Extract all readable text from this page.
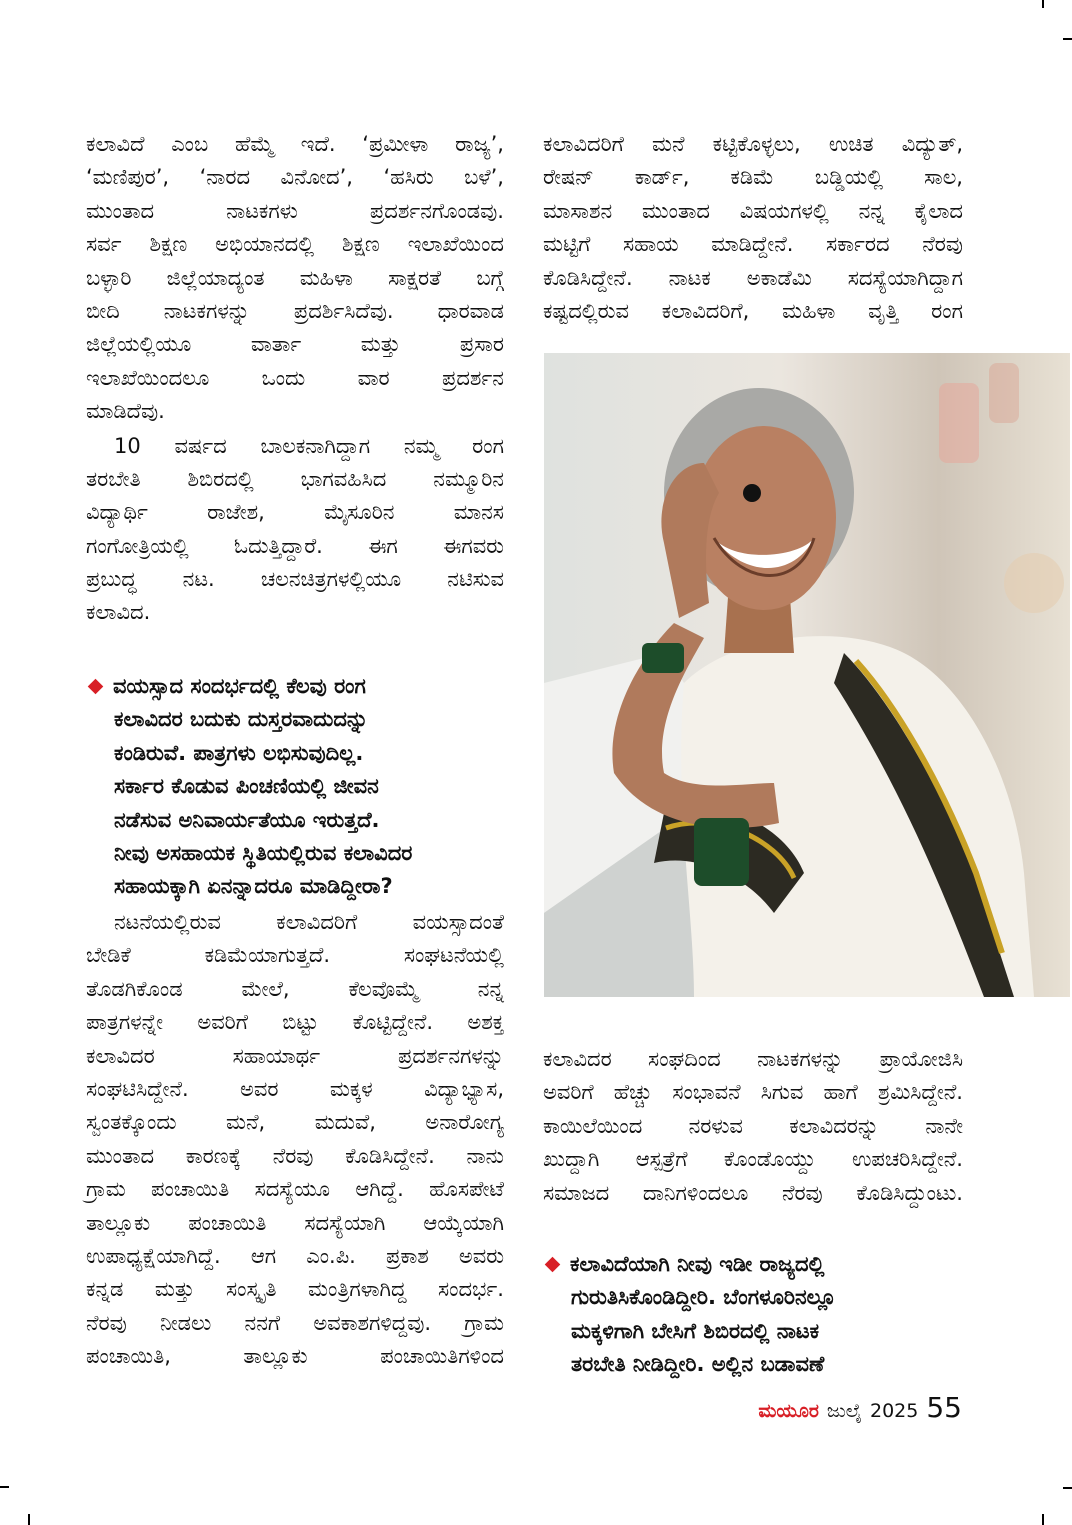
ಕಲಾವಿದೆ ಎಂಬ ಹೆಮ್ಮೆ ಇದೆ. ‘ಪ್ರಮೀಳಾ ರಾಜ್ಯ’,
‘ಮಣಿಪುರ’, ‘ನಾರದ ವಿನೋದ’, ‘ಹಸಿರು ಬಳೆ’,
ಮುಂತಾದ	ನಾಟಕಗಳು	ಪ್ರದರ್ಶನಗೊಂಡವು.
ಸರ್ವ ಶಿಕ್ಷಣ ಅಭಿಯಾನದಲ್ಲಿ ಶಿಕ್ಷಣ ಇಲಾಖೆಯಿಂದ
ಬಳ್ಳಾರಿ ಜಿಲ್ಲೆಯಾದ್ಯಂತ ಮಹಿಳಾ ಸಾಕ್ಷರತೆ ಬಗ್ಗೆ
ಬೀದಿ ನಾಟಕಗಳನ್ನು ಪ್ರದರ್ಶಿಸಿದೆವು. ಧಾರವಾಡ
ಜಿಲ್ಲೆಯಲ್ಲಿಯೂ	ವಾರ್ತಾ	ಮತ್ತು	ಪ್ರಸಾರ
ಇಲಾಖೆಯಿಂದಲೂ ಒಂದು ವಾರ ಪ್ರದರ್ಶನ
ಮಾಡಿದೆವು.
10 ವರ್ಷದ ಬಾಲಕನಾಗಿದ್ದಾಗ ನಮ್ಮ ರಂಗ
ತರಬೇತಿ ಶಿಬಿರದಲ್ಲಿ ಭಾಗವಹಿಸಿದ ನಮ್ಮೂರಿನ
ವಿದ್ಯಾರ್ಥಿ	ರಾಜೇಶ,	ಮೈಸೂರಿನ	ಮಾನಸ
ಗಂಗೋತ್ರಿಯಲ್ಲಿ ಓದುತ್ತಿದ್ದಾರೆ. ಈಗ ಈಗವರು
ಪ್ರಬುದ್ಧ ನಟ. ಚಲನಚಿತ್ರಗಳಲ್ಲಿಯೂ ನಟಿಸುವ
ಕಲಾವಿದ.
ವಯಸ್ಸಾದ ಸಂದರ್ಭದಲ್ಲಿ ಕೆಲವು ರಂಗ
ಕಲಾವಿದರ ಬದುಕು ದುಸ್ತರವಾದುದನ್ನು
ಕಂಡಿರುವೆ. ಪಾತ್ರಗಳು ಲಭಿಸುವುದಿಲ್ಲ.
ಸರ್ಕಾರ ಕೊಡುವ ಪಿಂಚಣಿಯಲ್ಲಿ ಜೀವನ
ನಡೆಸುವ ಅನಿವಾರ್ಯತೆಯೂ ಇರುತ್ತದೆ.
ನೀವು ಅಸಹಾಯಕ ಸ್ಥಿತಿಯಲ್ಲಿರುವ ಕಲಾವಿದರ
ಸಹಾಯಕ್ಕಾಗಿ ಏನನ್ನಾದರೂ ಮಾಡಿದ್ದೀರಾ?
ನಟನೆಯಲ್ಲಿರುವ	ಕಲಾವಿದರಿಗೆ	ವಯಸ್ಸಾದಂತೆ
ಬೇಡಿಕೆ	ಕಡಿಮೆಯಾಗುತ್ತದೆ.	ಸಂಘಟನೆಯಲ್ಲಿ
ತೊಡಗಿಕೊಂಡ	ಮೇಲೆ,	ಕೆಲವೊಮ್ಮೆ	ನನ್ನ
ಪಾತ್ರಗಳನ್ನೇ ಅವರಿಗೆ ಬಿಟ್ಟು ಕೊಟ್ಟಿದ್ದೇನೆ. ಅಶಕ್ತ
ಕಲಾವಿದರ	ಸಹಾಯಾರ್ಥ	ಪ್ರದರ್ಶನಗಳನ್ನು
ಸಂಘಟಿಸಿದ್ದೇನೆ. ಅವರ ಮಕ್ಕಳ ವಿದ್ಯಾಭ್ಯಾಸ,
ಸ್ವಂತಕ್ಕೊಂದು ಮನೆ, ಮದುವೆ, ಅನಾರೋಗ್ಯ
ಮುಂತಾದ ಕಾರಣಕ್ಕೆ ನೆರವು ಕೊಡಿಸಿದ್ದೇನೆ. ನಾನು
ಗ್ರಾಮ ಪಂಚಾಯಿತಿ ಸದಸ್ಯೆಯೂ ಆಗಿದ್ದೆ. ಹೊಸಪೇಟೆ
ತಾಲ್ಲೂಕು ಪಂಚಾಯಿತಿ ಸದಸ್ಯೆಯಾಗಿ ಆಯ್ಕೆಯಾಗಿ
ಉಪಾಧ್ಯಕ್ಷೆಯಾಗಿದ್ದೆ. ಆಗ ಎಂ.ಪಿ. ಪ್ರಕಾಶ ಅವರು
ಕನ್ನಡ ಮತ್ತು ಸಂಸ್ಕೃತಿ ಮಂತ್ರಿಗಳಾಗಿದ್ದ ಸಂದರ್ಭ.
ನೆರವು ನೀಡಲು ನನಗೆ ಅವಕಾಶಗಳಿದ್ದವು. ಗ್ರಾಮ
ಪಂಚಾಯಿತಿ,	ತಾಲ್ಲೂಕು	ಪಂಚಾಯಿತಿಗಳಿಂದ
ಕಲಾವಿದರಿಗೆ ಮನೆ ಕಟ್ಟಿಕೊಳ್ಳಲು, ಉಚಿತ ವಿದ್ಯುತ್,
ರೇಷನ್ ಕಾರ್ಡ್, ಕಡಿಮೆ ಬಡ್ಡಿಯಲ್ಲಿ ಸಾಲ,
ಮಾಸಾಶನ ಮುಂತಾದ ವಿಷಯಗಳಲ್ಲಿ ನನ್ನ ಕೈಲಾದ
ಮಟ್ಟಿಗೆ ಸಹಾಯ ಮಾಡಿದ್ದೇನೆ. ಸರ್ಕಾರದ ನೆರವು
ಕೊಡಿಸಿದ್ದೇನೆ. ನಾಟಕ ಅಕಾಡೆಮಿ ಸದಸ್ಯೆಯಾಗಿದ್ದಾಗ
ಕಷ್ಟದಲ್ಲಿರುವ ಕಲಾವಿದರಿಗೆ, ಮಹಿಳಾ ವೃತ್ತಿ ರಂಗ
ಕಲಾವಿದರ ಸಂಘದಿಂದ ನಾಟಕಗಳನ್ನು ಪ್ರಾಯೋಜಿಸಿ
ಅವರಿಗೆ ಹೆಚ್ಚು ಸಂಭಾವನೆ ಸಿಗುವ ಹಾಗೆ ಶ್ರಮಿಸಿದ್ದೇನೆ.
ಕಾಯಿಲೆಯಿಂದ ನರಳುವ ಕಲಾವಿದರನ್ನು ನಾನೇ
ಖುದ್ದಾಗಿ ಆಸ್ಪತ್ರೆಗೆ ಕೊಂಡೊಯ್ದು ಉಪಚರಿಸಿದ್ದೇನೆ.
ಸಮಾಜದ ದಾನಿಗಳಿಂದಲೂ ನೆರವು ಕೊಡಿಸಿದ್ದುಂಟು.
ಕಲಾವಿದೆಯಾಗಿ ನೀವು ಇಡೀ ರಾಜ್ಯದಲ್ಲಿ
ಗುರುತಿಸಿಕೊಂಡಿದ್ದೀರಿ. ಬೆಂಗಳೂರಿನಲ್ಲೂ
ಮಕ್ಕಳಿಗಾಗಿ ಬೇಸಿಗೆ ಶಿಬಿರದಲ್ಲಿ ನಾಟಕ
ತರಬೇತಿ ನೀಡಿದ್ದೀರಿ. ಅಲ್ಲಿನ ಬಡಾವಣೆ
ಮಯೂರ ಜುಲೈ 2025 55
